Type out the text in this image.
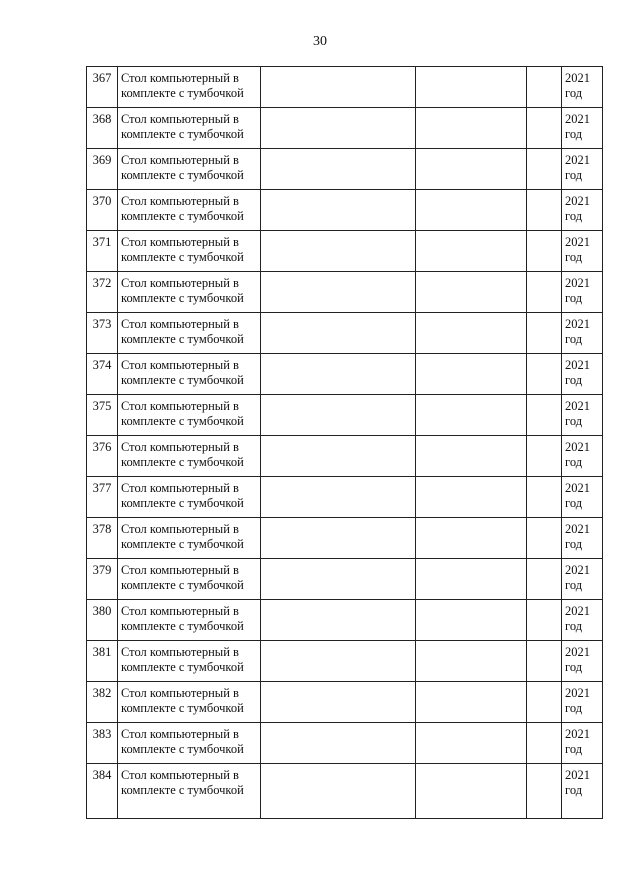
30
367	Стол компьютерный в комплекте с тумбочкой				2021
год

368	Стол компьютерный в комплекте с тумбочкой				2021
год

369	Стол компьютерный в комплекте с тумбочкой				2021
год

370	Стол компьютерный в комплекте с тумбочкой				2021
год

371	Стол компьютерный в комплекте с тумбочкой				2021
год

372	Стол компьютерный в комплекте с тумбочкой				2021
год

373	Стол компьютерный в комплекте с тумбочкой				2021
год

374	Стол компьютерный в комплекте с тумбочкой				2021
год

375	Стол компьютерный в комплекте с тумбочкой				2021
год

376	Стол компьютерный в комплекте с тумбочкой				2021
год

377	Стол компьютерный в комплекте с тумбочкой				2021
год

378	Стол компьютерный в комплекте с тумбочкой				2021
год

379	Стол компьютерный в комплекте с тумбочкой				2021
год

380	Стол компьютерный в комплекте с тумбочкой				2021
год

381	Стол компьютерный в комплекте с тумбочкой				2021
год

382	Стол компьютерный в комплекте с тумбочкой				2021
год

383	Стол компьютерный в комплекте с тумбочкой				2021
год

384	Стол компьютерный в комплекте с тумбочкой				2021
год
